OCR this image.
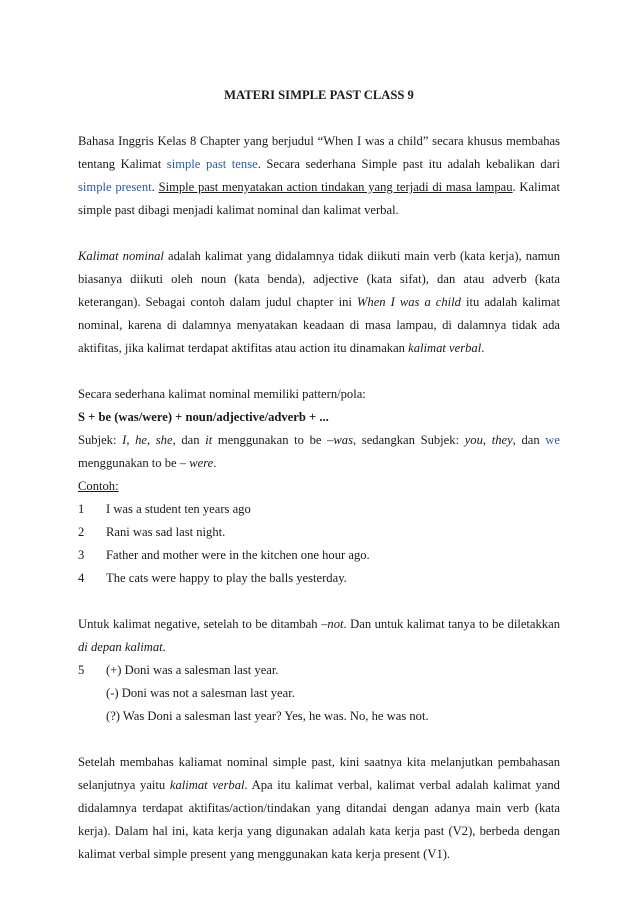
MATERI SIMPLE PAST CLASS 9

Bahasa Inggris Kelas 8 Chapter yang berjudul “When I was a child” secara khusus membahas tentang Kalimat simple past tense. Secara sederhana Simple past itu adalah kebalikan dari simple present. Simple past menyatakan action tindakan yang terjadi di masa lampau. Kalimat simple past dibagi menjadi kalimat nominal dan kalimat verbal.

Kalimat nominal adalah kalimat yang didalamnya tidak diikuti main verb (kata kerja), namun biasanya diikuti oleh noun (kata benda), adjective (kata sifat), dan atau adverb (kata keterangan). Sebagai contoh dalam judul chapter ini When I was a child itu adalah kalimat nominal, karena di dalamnya menyatakan keadaan di masa lampau, di dalamnya tidak ada aktifitas, jika kalimat terdapat aktifitas atau action itu dinamakan kalimat verbal.

Secara sederhana kalimat nominal memiliki pattern/pola:
S + be (was/were) + noun/adjective/adverb + ...

Subjek: I, he, she, dan it menggunakan to be –was, sedangkan Subjek: you, they, dan we menggunakan to be – were.

Contoh:
1	I was a student ten years ago
2	Rani was sad last night.
3	Father and mother were in the kitchen one hour ago.
4	The cats were happy to play the balls yesterday.

Untuk kalimat negative, setelah to be ditambah –not. Dan untuk kalimat tanya to be diletakkan di depan kalimat.

5	(+) Doni was a salesman last year.
(-) Doni was not a salesman last year.
(?) Was Doni a salesman last year? Yes, he was. No, he was not.

Setelah membahas kaliamat nominal simple past, kini saatnya kita melanjutkan pembahasan selanjutnya yaitu kalimat verbal. Apa itu kalimat verbal, kalimat verbal adalah kalimat yand didalamnya terdapat aktifitas/action/tindakan yang ditandai dengan adanya main verb (kata kerja). Dalam hal ini, kata kerja yang digunakan adalah kata kerja past (V2), berbeda dengan kalimat verbal simple present yang menggunakan kata kerja present (V1).
